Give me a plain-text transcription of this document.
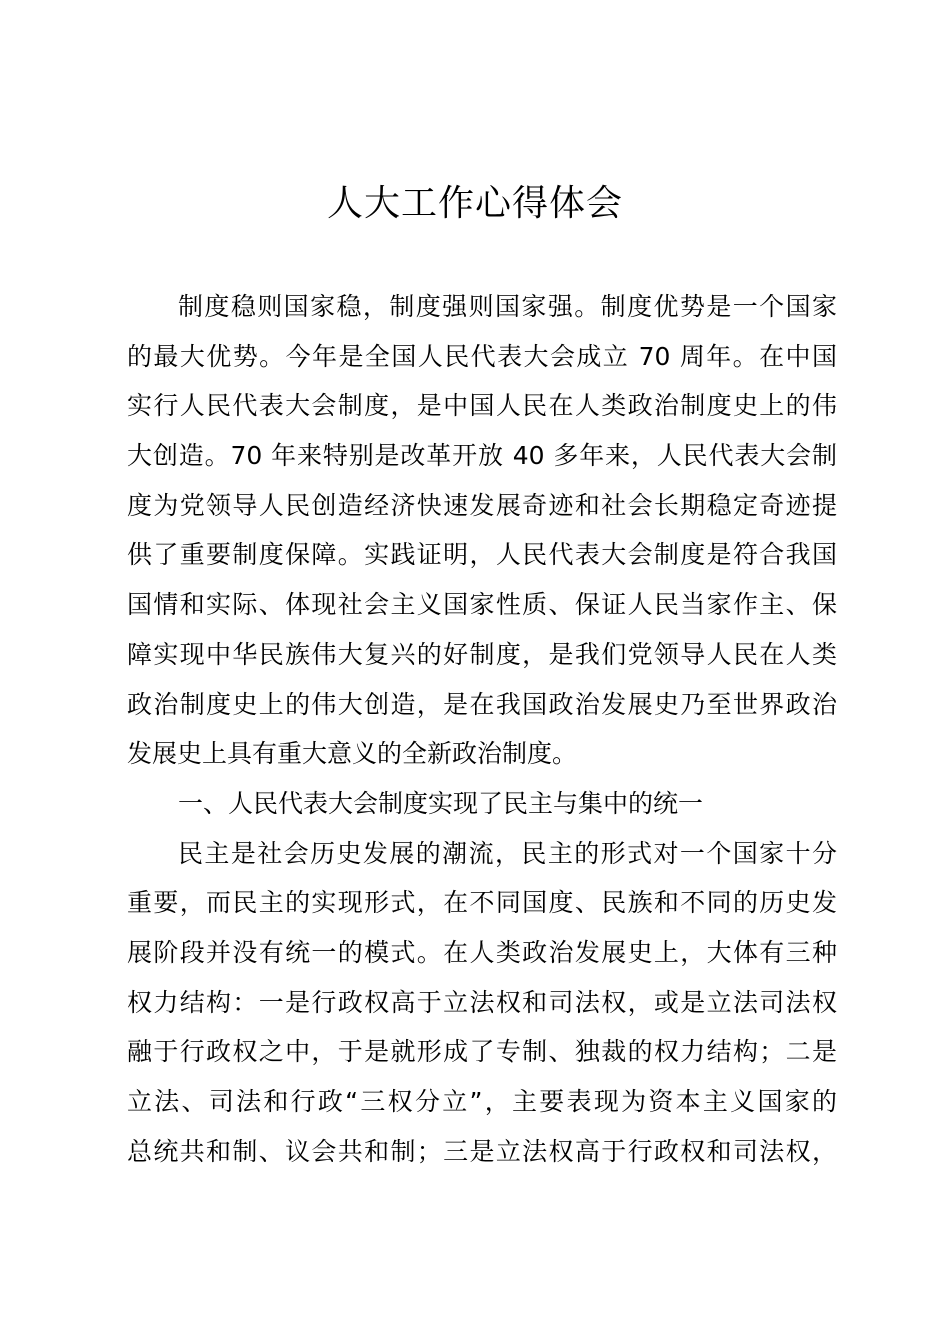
人大工作心得体会
制度稳则国家稳，制度强则国家强。制度优势是一个国家
的最大优势。今年是全国人民代表大会成立 70 周年。在中国
实行人民代表大会制度，是中国人民在人类政治制度史上的伟
大创造。70 年来特别是改革开放 40 多年来，人民代表大会制
度为党领导人民创造经济快速发展奇迹和社会长期稳定奇迹提
供了重要制度保障。实践证明，人民代表大会制度是符合我国
国情和实际、体现社会主义国家性质、保证人民当家作主、保
障实现中华民族伟大复兴的好制度，是我们党领导人民在人类
政治制度史上的伟大创造，是在我国政治发展史乃至世界政治
发展史上具有重大意义的全新政治制度。
一、人民代表大会制度实现了民主与集中的统一
民主是社会历史发展的潮流，民主的形式对一个国家十分
重要，而民主的实现形式，在不同国度、民族和不同的历史发
展阶段并没有统一的模式。在人类政治发展史上，大体有三种
权力结构：一是行政权高于立法权和司法权，或是立法司法权
融于行政权之中，于是就形成了专制、独裁的权力结构；二是
立法、司法和行政“三权分立”，主要表现为资本主义国家的
总统共和制、议会共和制；三是立法权高于行政权和司法权，
